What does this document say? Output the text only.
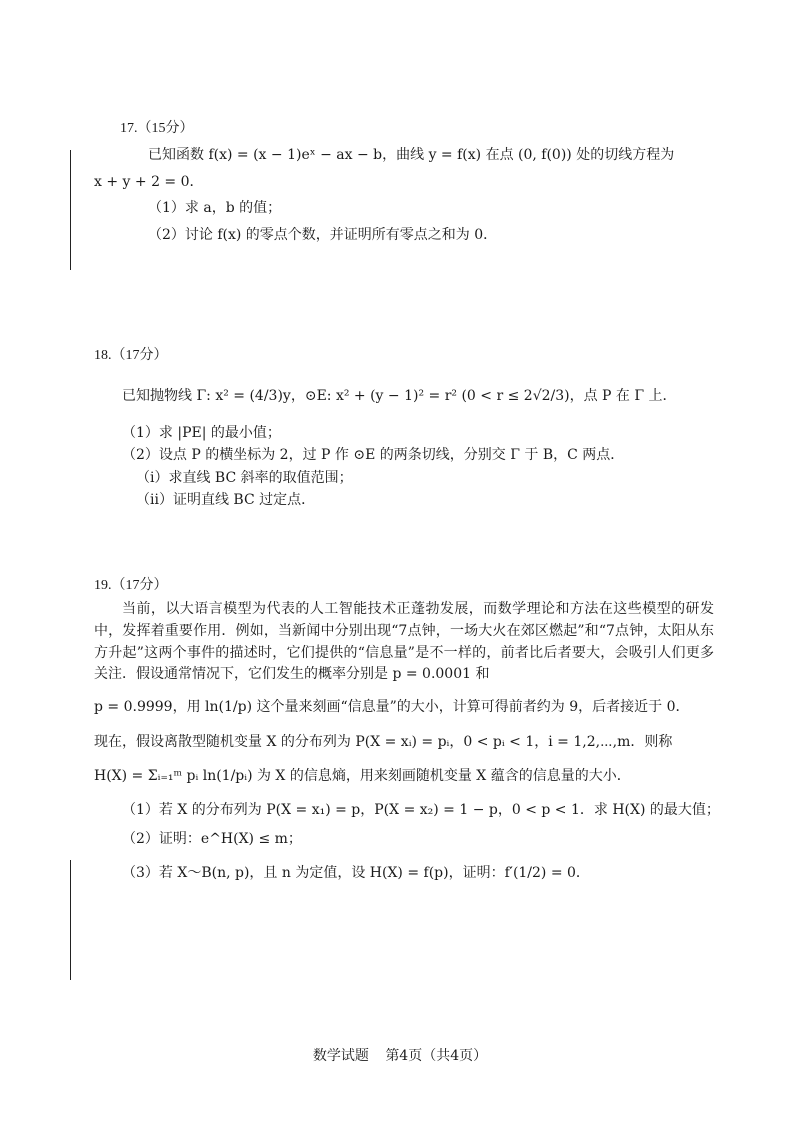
17.（15分）
已知函数 f(x) = (x − 1)eˣ − ax − b，曲线 y = f(x) 在点 (0, f(0)) 处的切线方程为
x + y + 2 = 0．
（1）求 a，b 的值；
（2）讨论 f(x) 的零点个数，并证明所有零点之和为 0．
18.（17分）
已知抛物线 Γ: x² = (4/3)y，⊙E: x² + (y − 1)² = r² (0 < r ≤ 2√2/3)，点 P 在 Γ 上．
（1）求 |PE| 的最小值；
（2）设点 P 的横坐标为 2，过 P 作 ⊙E 的两条切线，分别交 Γ 于 B，C 两点．
（i）求直线 BC 斜率的取值范围；
（ii）证明直线 BC 过定点．
19.（17分）
当前，以大语言模型为代表的人工智能技术正蓬勃发展，而数学理论和方法在这些模型的研发中，发挥着重要作用．例如，当新闻中分别出现“7点钟，一场大火在郊区燃起”和“7点钟，太阳从东方升起”这两个事件的描述时，它们提供的“信息量”是不一样的，前者比后者要大，会吸引人们更多关注．假设通常情况下，它们发生的概率分别是 p = 0.0001 和
p = 0.9999，用 ln(1/p) 这个量来刻画“信息量”的大小，计算可得前者约为 9，后者接近于 0．
现在，假设离散型随机变量 X 的分布列为 P(X = xᵢ) = pᵢ，0 < pᵢ < 1，i = 1,2,⋯,m．则称
H(X) = Σᵢ₌₁ᵐ pᵢ ln(1/pᵢ) 为 X 的信息熵，用来刻画随机变量 X 蕴含的信息量的大小．
（1）若 X 的分布列为 P(X = x₁) = p，P(X = x₂) = 1 − p，0 < p < 1．求 H(X) 的最大值；
（2）证明：e^H(X) ≤ m；
（3）若 X～B(n, p)，且 n 为定值，设 H(X) = f(p)，证明：f′(1/2) = 0．
数学试题 第4页（共4页）
